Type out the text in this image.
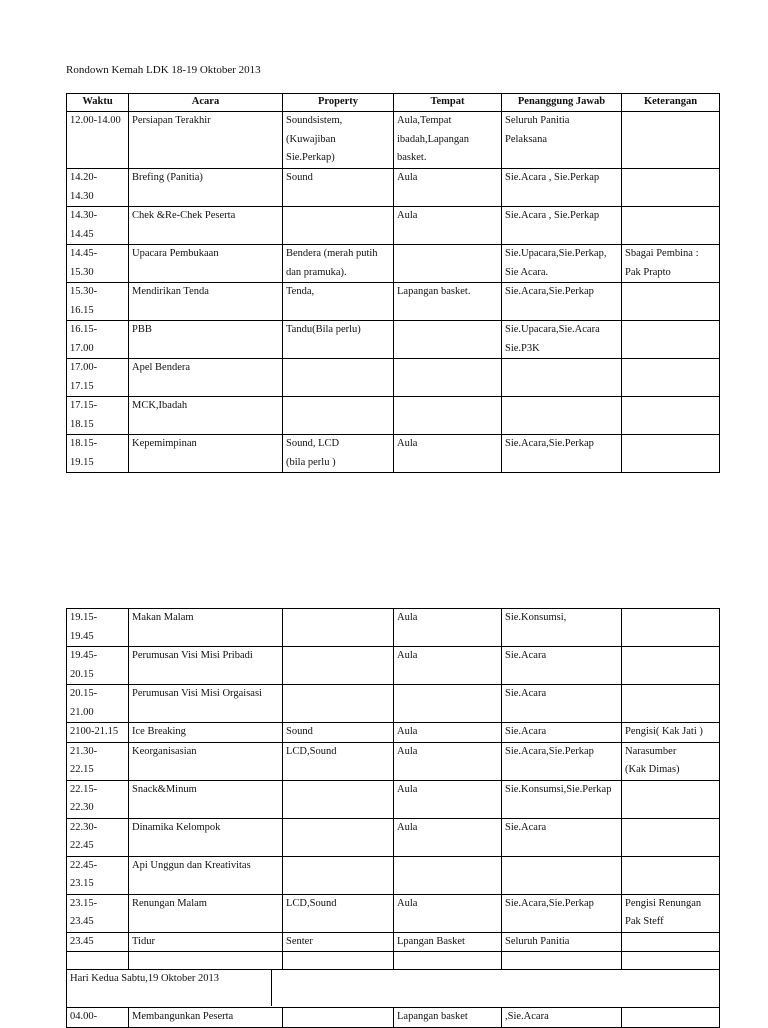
Rondown Kemah LDK 18-19 Oktober 2013
Waktu	Acara	Property	Tempat	Penanggung Jawab	Keterangan
12.00-14.00	Persiapan Terakhir	Soundsistem,
(Kuwajiban
Sie.Perkap)	Aula,Tempat
ibadah,Lapangan
basket.	Seluruh Panitia
Pelaksana	
14.20-
14.30	Brefing (Panitia)	Sound	Aula	Sie.Acara , Sie.Perkap	
14.30-
14.45	Chek &Re-Chek Peserta		Aula	Sie.Acara , Sie.Perkap	
14.45-
15.30	Upacara Pembukaan	Bendera (merah putih
dan pramuka).		Sie.Upacara,Sie.Perkap,
Sie Acara.	Sbagai Pembina :
Pak Prapto
15.30-
16.15	Mendirikan Tenda	Tenda,	Lapangan basket.	Sie.Acara,Sie.Perkap	
16.15-
17.00	PBB	Tandu(Bila perlu)		Sie.Upacara,Sie.Acara
Sie.P3K	
17.00-
17.15	Apel Bendera				
17.15-
18.15	MCK,Ibadah				
18.15-
19.15	Kepemimpinan	Sound, LCD
(bila perlu )	Aula	Sie.Acara,Sie.Perkap	
19.15-
19.45	Makan Malam		Aula	Sie.Konsumsi,	
19.45-
20.15	Perumusan Visi Misi Pribadi		Aula	Sie.Acara	
20.15-
21.00	Perumusan Visi Misi Orgaisasi			Sie.Acara	
2100-21.15	Ice Breaking	Sound	Aula	Sie.Acara	Pengisi( Kak Jati )
21.30-
22.15	Keorganisasian	LCD,Sound	Aula	Sie.Acara,Sie.Perkap	Narasumber
(Kak Dimas)
22.15-
22.30	Snack&Minum		Aula	Sie.Konsumsi,Sie.Perkap	
22.30-
22.45	Dinamika Kelompok		Aula	Sie.Acara	
22.45-
23.15	Api Unggun dan Kreativitas				
23.15-
23.45	Renungan Malam	LCD,Sound	Aula	Sie.Acara,Sie.Perkap	Pengisi Renungan
Pak Steff
23.45	Tidur	Senter	Lpangan Basket	Seluruh Panitia	

Hari Kedua Sabtu,19 Oktober 2013					
04.00-	Membangunkan Peserta		Lapangan basket	,Sie.Acara	
